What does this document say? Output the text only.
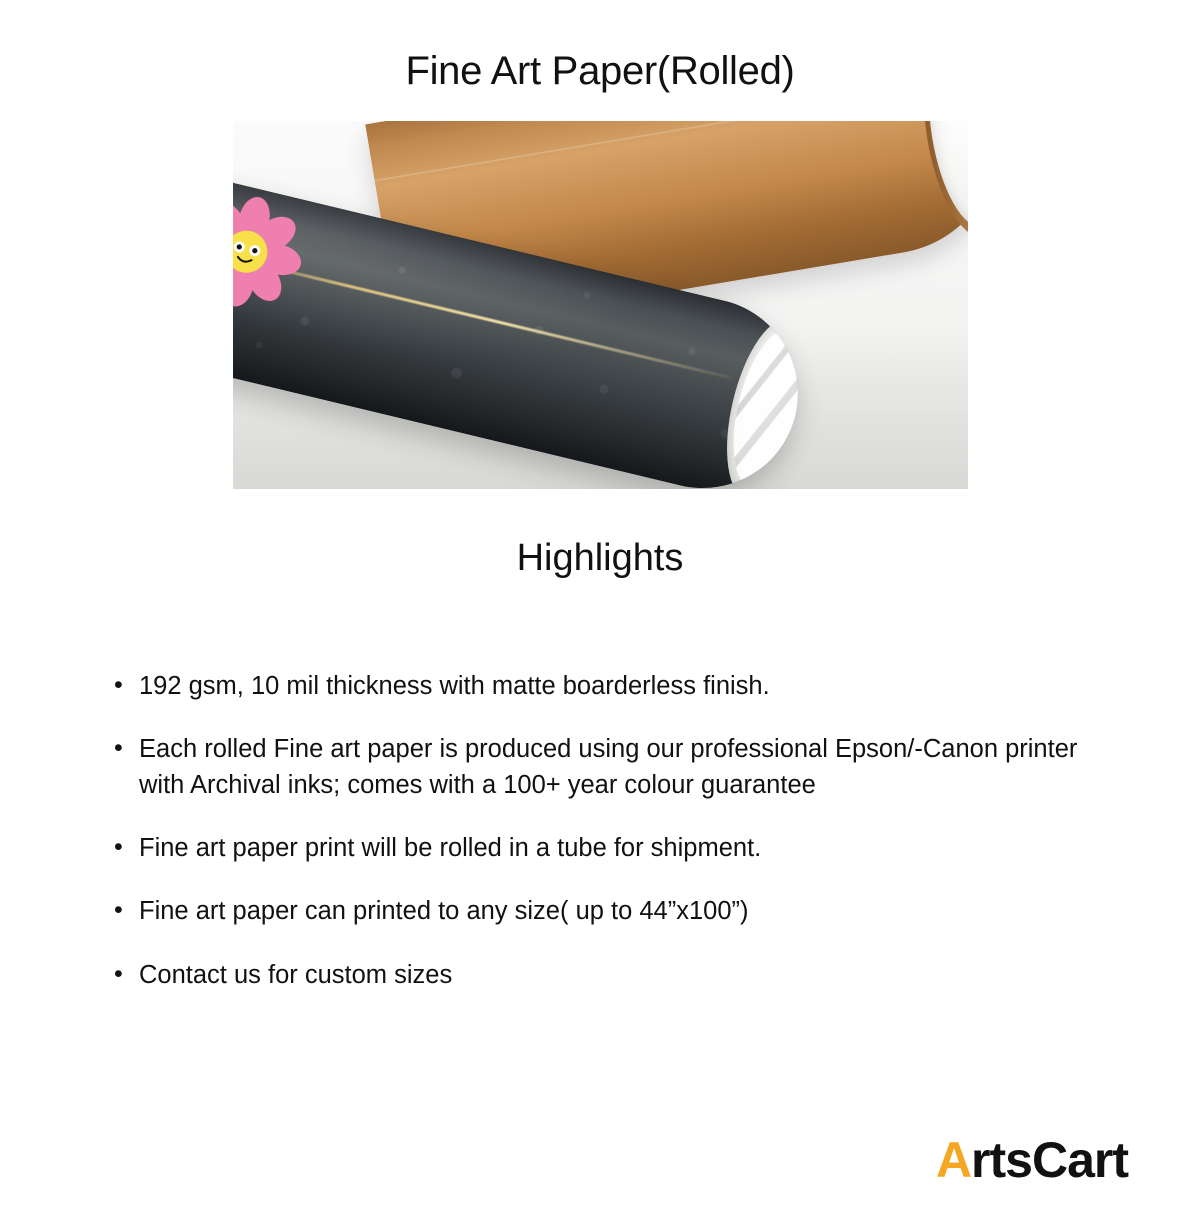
Fine Art Paper(Rolled)
Highlights
• 192 gsm, 10 mil thickness with matte boarderless finish.
• Each rolled Fine art paper is produced using our professional Epson/-Canon printer with Archival inks; comes with a 100+ year colour guarantee
• Fine art paper print will be rolled in a tube for shipment.
• Fine art paper can printed to any size( up to 44”x100”)
• Contact us for custom sizes
A rtsCart
